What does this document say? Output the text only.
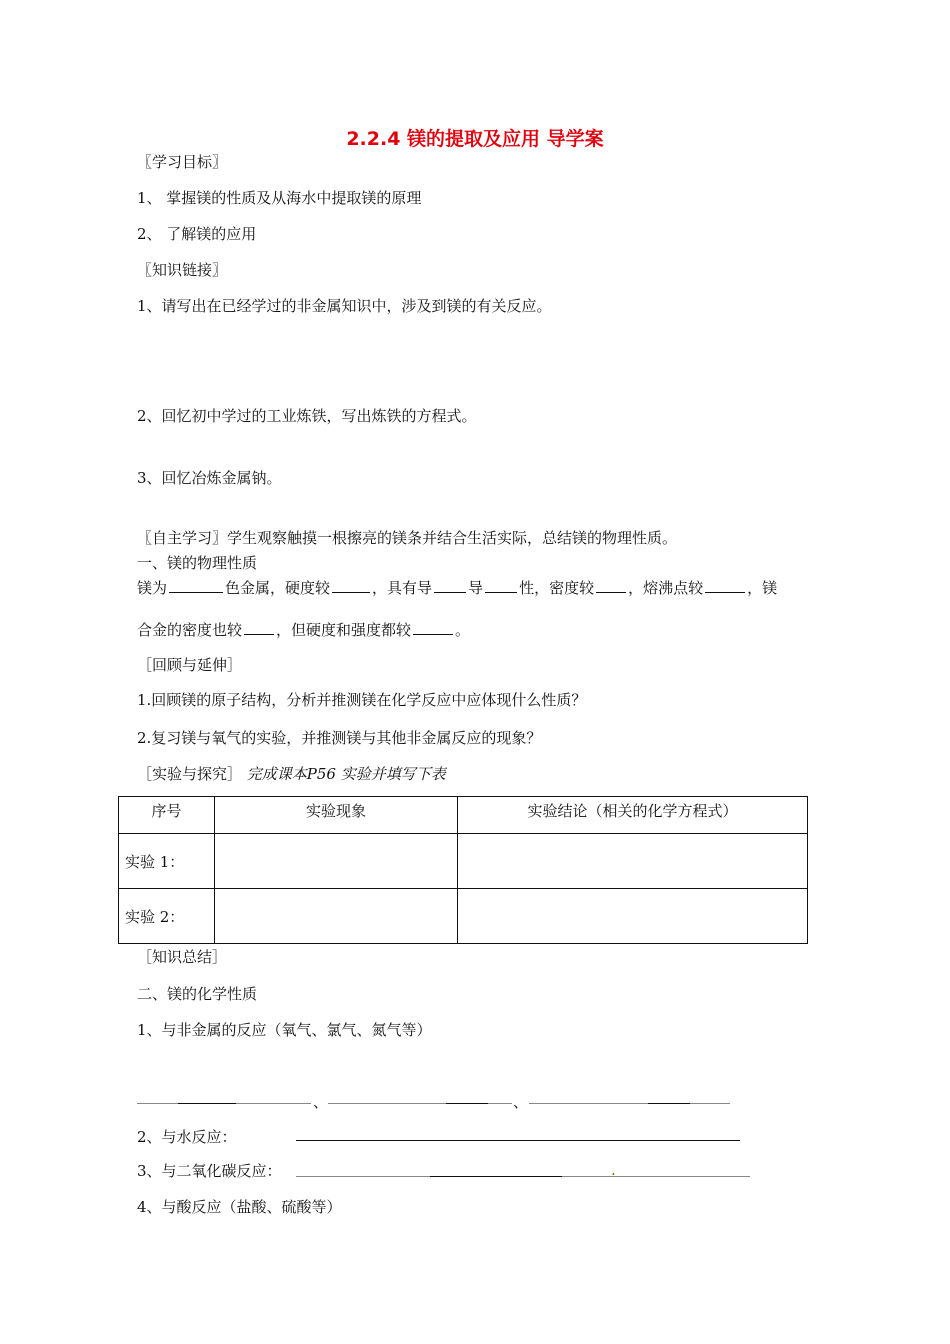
2.2.4 镁的提取及应用 导学案
〖学习目标〗
1、 掌握镁的性质及从海水中提取镁的原理
2、 了解镁的应用
〖知识链接〗
1、请写出在已经学过的非金属知识中，涉及到镁的有关反应。
2、回忆初中学过的工业炼铁，写出炼铁的方程式。
3、回忆冶炼金属钠。
〖自主学习〗学生观察触摸一根擦亮的镁条并结合生活实际，总结镁的物理性质。
一、镁的物理性质
镁为	色金属，硬度较	，具有导 导 性，密度较 ，熔沸点较	，镁
合金的密度也较 ，但硬度和强度都较	。
［回顾与延伸］
1.回顾镁的原子结构，分析并推测镁在化学反应中应体现什么性质？
2.复习镁与氧气的实验，并推测镁与其他非金属反应的现象？
［实验与探究］ 完成课本P56 实验并填写下表
序号	实验现象	实验结论（相关的化学方程式）
实验 1：		
实验 2：		
［知识总结］
二、镁的化学性质
1、与非金属的反应（氧气、氯气、氮气等）
、	、
2、与水反应：
3、与二氧化碳反应：	.
4、与酸反应（盐酸、硫酸等）
